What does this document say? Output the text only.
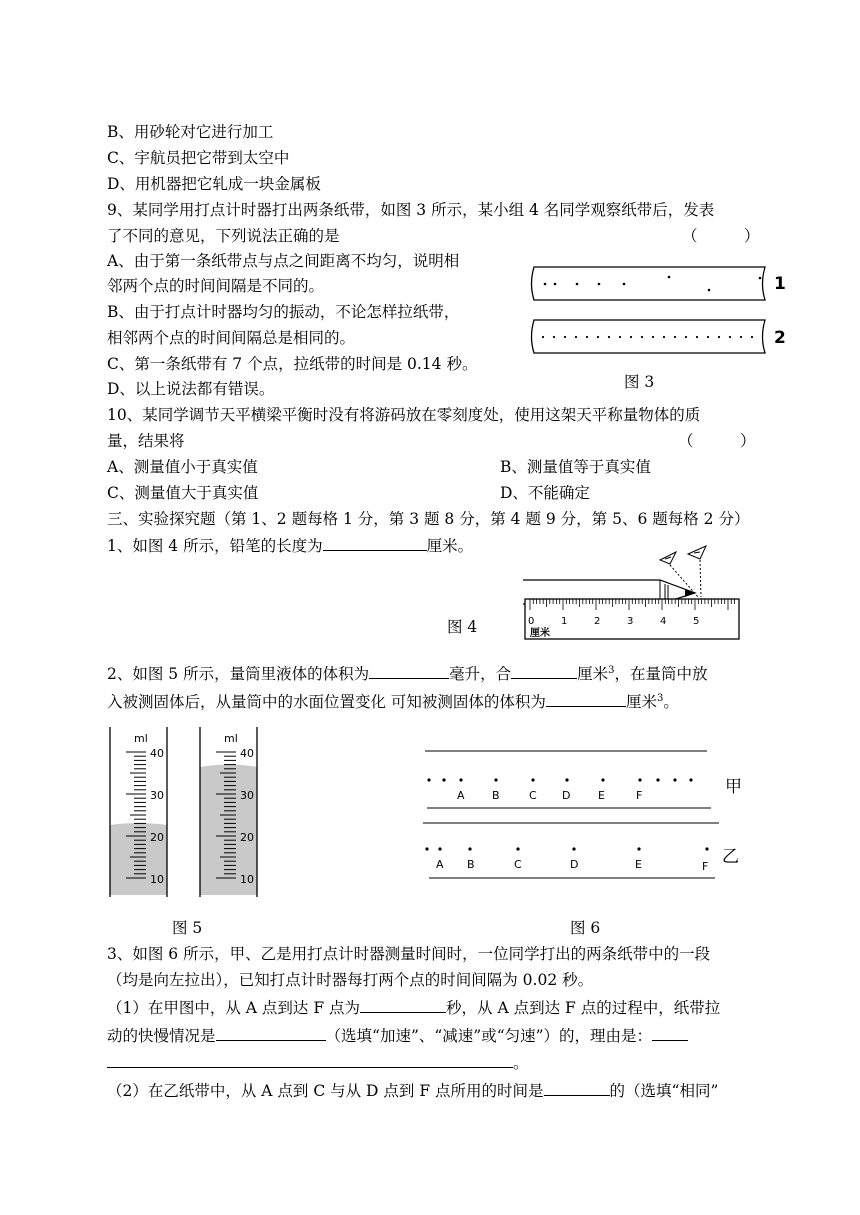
B、用砂轮对它进行加工
C、宇航员把它带到太空中
D、用机器把它轧成一块金属板
9、某同学用打点计时器打出两条纸带，如图 3 所示，某小组 4 名同学观察纸带后，发表
了不同的意见，下列说法正确的是	（　　　）
A、由于第一条纸带点与点之间距离不均匀，说明相
邻两个点的时间间隔是不同的。
B、由于打点计时器均匀的振动，不论怎样拉纸带，
相邻两个点的时间间隔总是相同的。
C、第一条纸带有 7 个点，拉纸带的时间是 0.14 秒。
D、以上说法都有错误。
1
2
图 3
10、某同学调节天平横梁平衡时没有将游码放在零刻度处，使用这架天平称量物体的质
量，结果将	（　　　）
A、测量值小于真实值	B、测量值等于真实值
C、测量值大于真实值	D、不能确定
三、实验探究题（第 1、2 题每格 1 分，第 3 题 8 分，第 4 题 9 分，第 5、6 题每格 2 分）
1、如图 4 所示，铅笔的长度为	厘米。
0	1	2	3	4	5
厘米
图 4
2、如图 5 所示，量筒里液体的体积为	毫升，合	厘米$^3$，在量筒中放
入被测固体后，从量筒中的水面位置变化 可知被测固体的体积为	厘米$^3$。
ml
40
30
20
10
ml
40
30
20
10
A B	C D	E	F	甲
A B	C	D	E	F 乙
图 5	图 6
3、如图 6 所示，甲、乙是用打点计时器测量时间时，一位同学打出的两条纸带中的一段
（均是向左拉出），已知打点计时器每打两个点的时间间隔为 0.02 秒。
（1）在甲图中，从 A 点到达 F 点为	秒，从 A 点到达 F 点的过程中，纸带拉
动的快慢情况是	（选填“加速”、“减速”或“匀速”）的，理由是：
。
（2）在乙纸带中，从 A 点到 C 与从 D 点到 F 点所用的时间是	的（选填“相同”
